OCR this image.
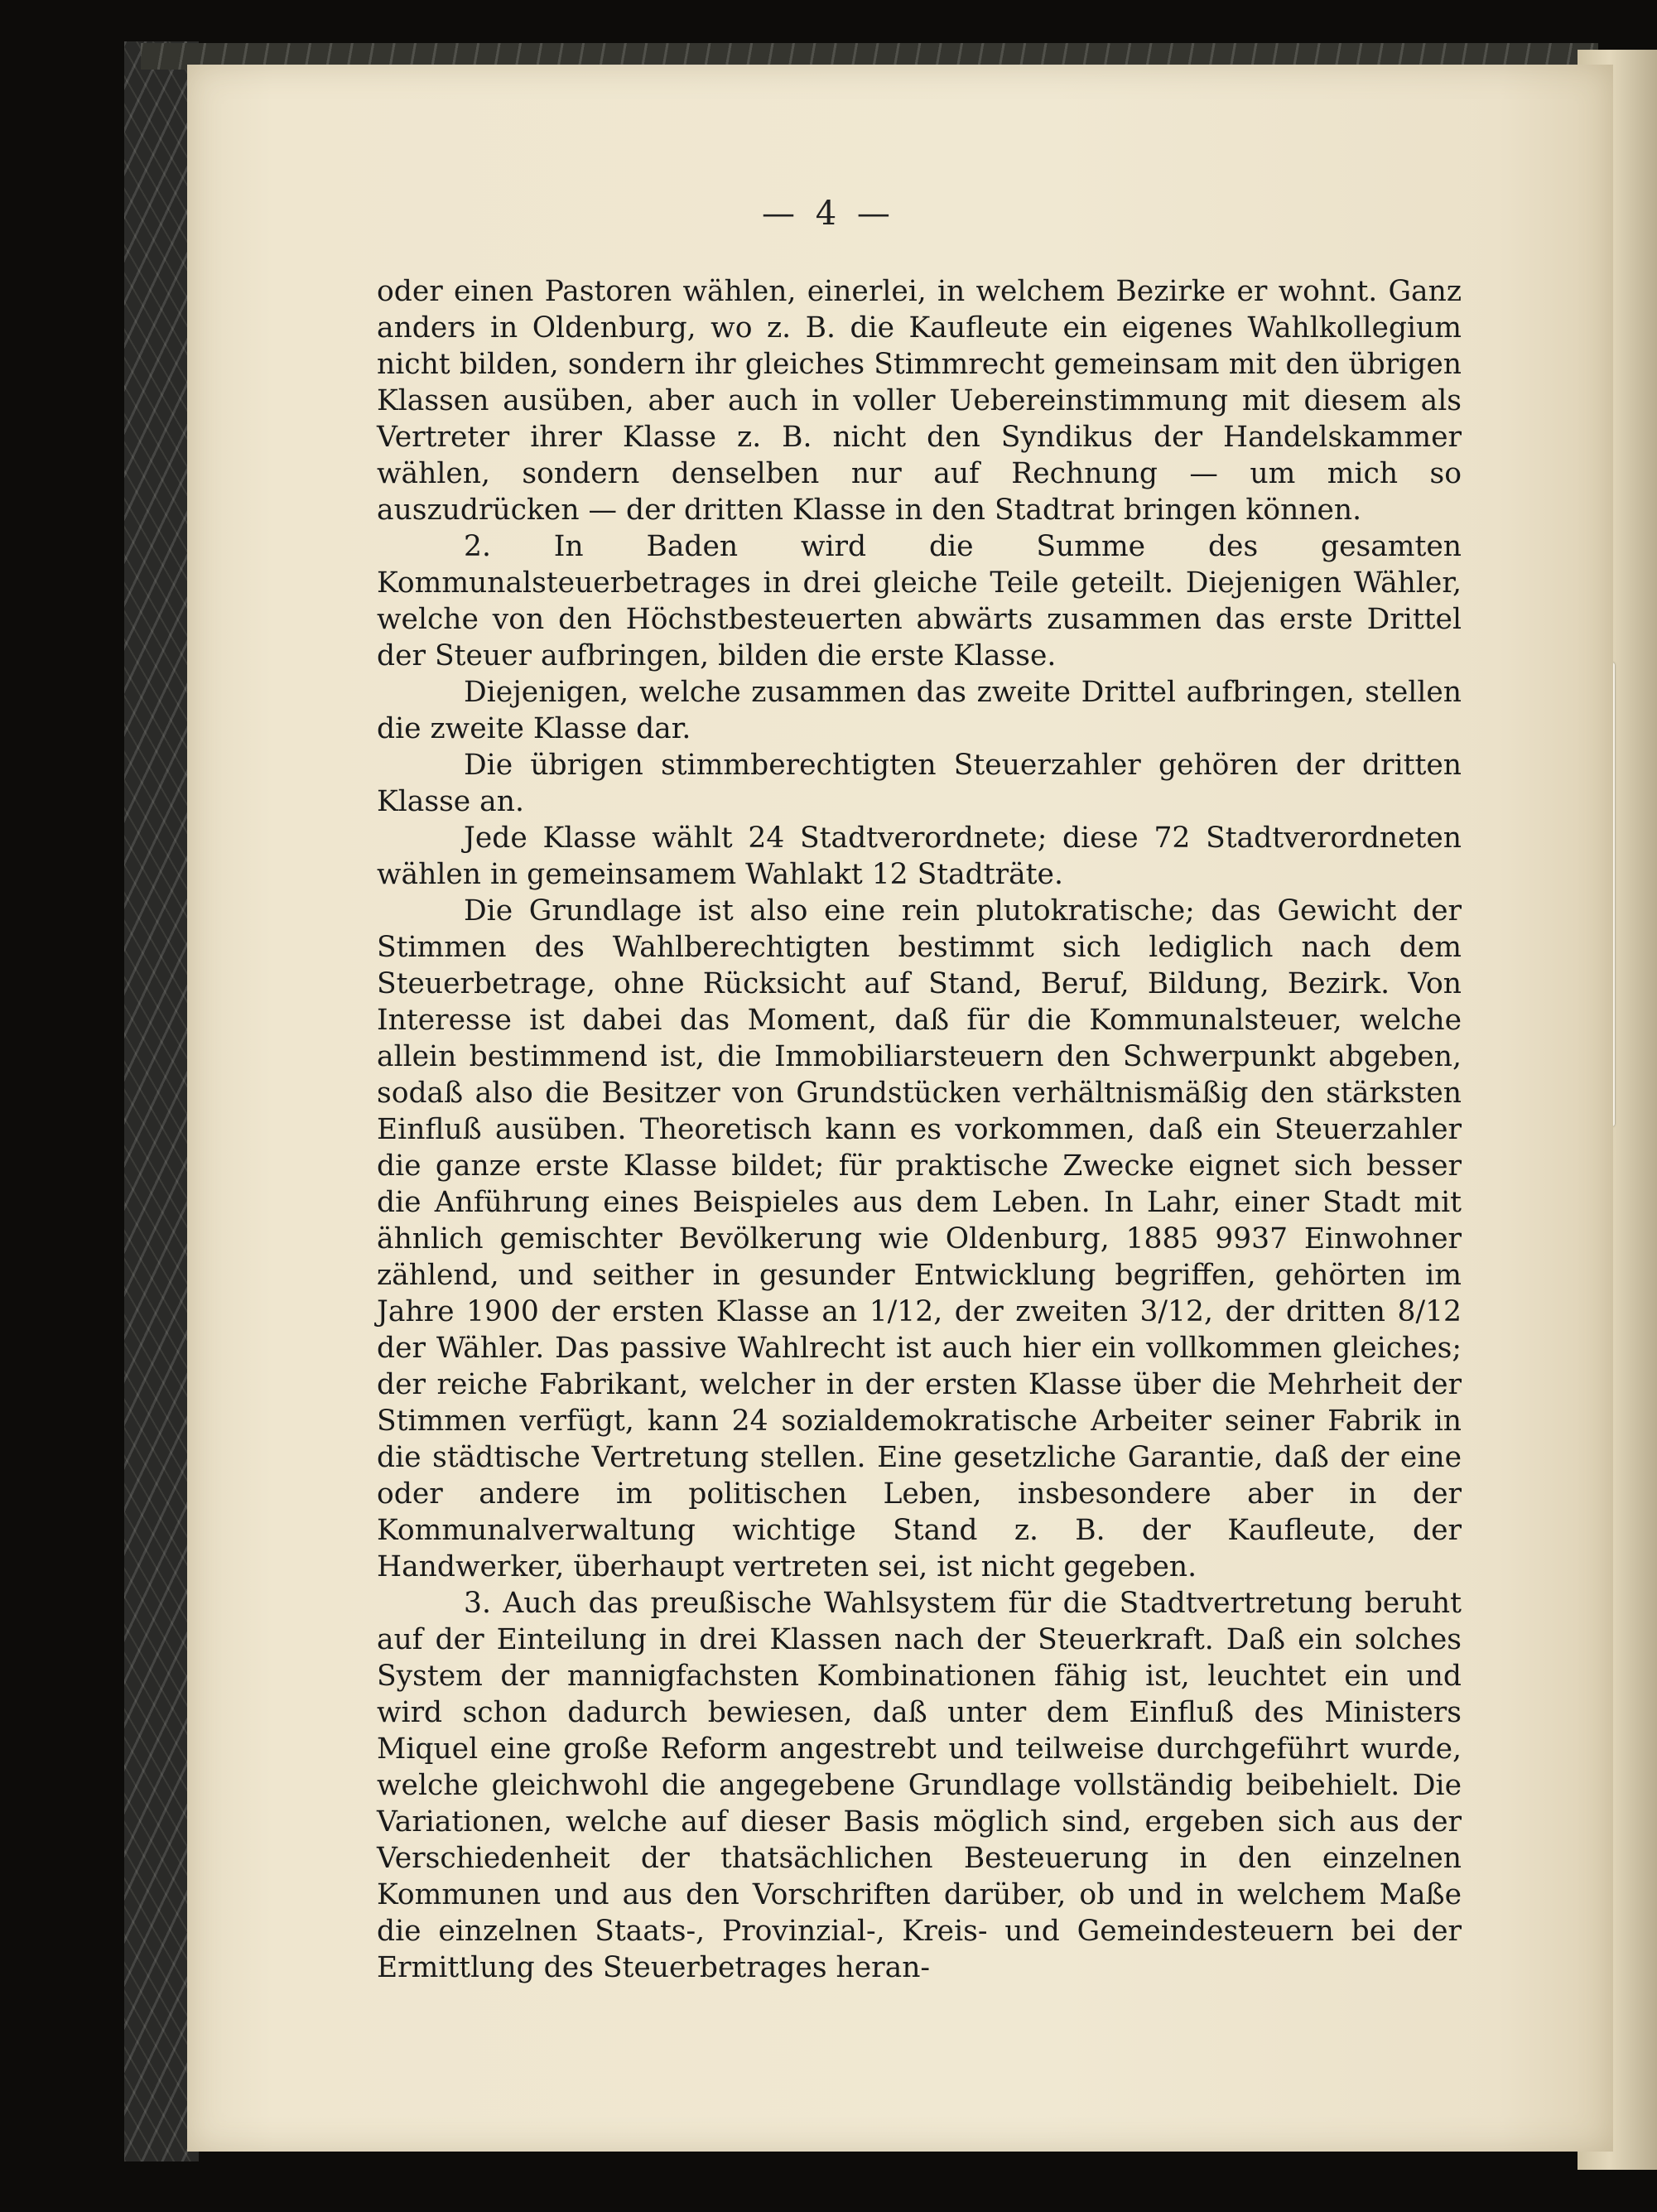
— 4 —

oder einen Pastoren wählen, einerlei, in welchem Bezirke er wohnt. Ganz anders in Oldenburg, wo z. B. die Kaufleute ein eigenes Wahlkollegium nicht bilden, sondern ihr gleiches Stimmrecht gemeinsam mit den übrigen Klassen ausüben, aber auch in voller Uebereinstimmung mit diesem als Vertreter ihrer Klasse z. B. nicht den Syndikus der Handelskammer wählen, sondern denselben nur auf Rechnung — um mich so auszudrücken — der dritten Klasse in den Stadtrat bringen können.

2. In Baden wird die Summe des gesamten Kommunalsteuerbetrages in drei gleiche Teile geteilt. Diejenigen Wähler, welche von den Höchstbesteuerten abwärts zusammen das erste Drittel der Steuer aufbringen, bilden die erste Klasse.

Diejenigen, welche zusammen das zweite Drittel aufbringen, stellen die zweite Klasse dar.

Die übrigen stimmberechtigten Steuerzahler gehören der dritten Klasse an.

Jede Klasse wählt 24 Stadtverordnete; diese 72 Stadtverordneten wählen in gemeinsamem Wahlakt 12 Stadträte.

Die Grundlage ist also eine rein plutokratische; das Gewicht der Stimmen des Wahlberechtigten bestimmt sich lediglich nach dem Steuerbetrage, ohne Rücksicht auf Stand, Beruf, Bildung, Bezirk. Von Interesse ist dabei das Moment, daß für die Kommunalsteuer, welche allein bestimmend ist, die Immobiliarsteuern den Schwerpunkt abgeben, sodaß also die Besitzer von Grundstücken verhältnismäßig den stärksten Einfluß ausüben. Theoretisch kann es vorkommen, daß ein Steuerzahler die ganze erste Klasse bildet; für praktische Zwecke eignet sich besser die Anführung eines Beispieles aus dem Leben. In Lahr, einer Stadt mit ähnlich gemischter Bevölkerung wie Oldenburg, 1885 9937 Einwohner zählend, und seither in gesunder Entwicklung begriffen, gehörten im Jahre 1900 der ersten Klasse an 1/12, der zweiten 3/12, der dritten 8/12 der Wähler. Das passive Wahlrecht ist auch hier ein vollkommen gleiches; der reiche Fabrikant, welcher in der ersten Klasse über die Mehrheit der Stimmen verfügt, kann 24 sozialdemokratische Arbeiter seiner Fabrik in die städtische Vertretung stellen. Eine gesetzliche Garantie, daß der eine oder andere im politischen Leben, insbesondere aber in der Kommunalverwaltung wichtige Stand z. B. der Kaufleute, der Handwerker, überhaupt vertreten sei, ist nicht gegeben.

3. Auch das preußische Wahlsystem für die Stadtvertretung beruht auf der Einteilung in drei Klassen nach der Steuerkraft. Daß ein solches System der mannigfachsten Kombinationen fähig ist, leuchtet ein und wird schon dadurch bewiesen, daß unter dem Einfluß des Ministers Miquel eine große Reform angestrebt und teilweise durchgeführt wurde, welche gleichwohl die angegebene Grundlage vollständig beibehielt. Die Variationen, welche auf dieser Basis möglich sind, ergeben sich aus der Verschiedenheit der thatsächlichen Besteuerung in den einzelnen Kommunen und aus den Vorschriften darüber, ob und in welchem Maße die einzelnen Staats-, Provinzial-, Kreis- und Gemeindesteuern bei der Ermittlung des Steuerbetrages heran-
